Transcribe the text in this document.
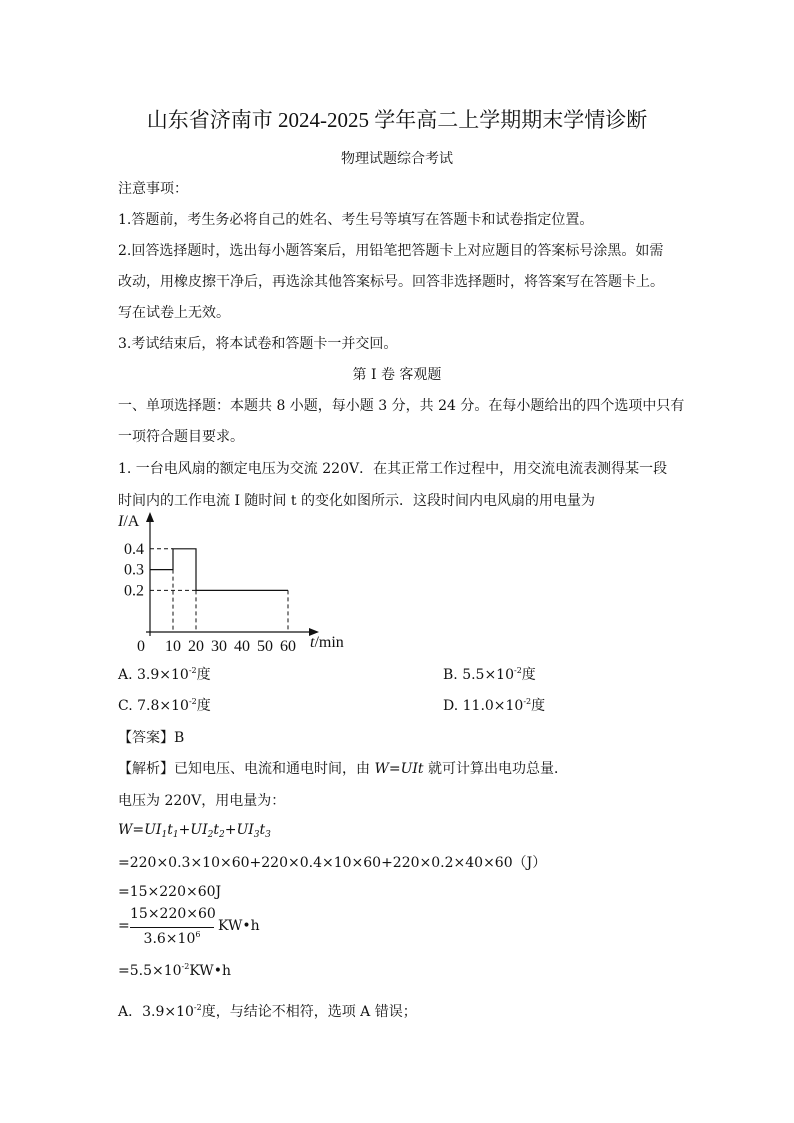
山东省济南市 2024-2025 学年高二上学期期末学情诊断
物理试题综合考试
注意事项：
1.答题前，考生务必将自己的姓名、考生号等填写在答题卡和试卷指定位置。
2.回答选择题时，选出每小题答案后，用铅笔把答题卡上对应题目的答案标号涂黑。如需
改动，用橡皮擦干净后，再选涂其他答案标号。回答非选择题时，将答案写在答题卡上。
写在试卷上无效。
3.考试结束后，将本试卷和答题卡一并交回。
第 I 卷 客观题
一、单项选择题：本题共 8 小题，每小题 3 分，共 24 分。在每小题给出的四个选项中只有
一项符合题目要求。
1. 一台电风扇的额定电压为交流 220V．在其正常工作过程中，用交流电流表测得某一段
时间内的工作电流 I 随时间 t 的变化如图所示．这段时间内电风扇的用电量为
0.2
0.3
0.4
0 10 20 30 40 50 60
I/A
t/min
A. $3.9\times 10^{-2}$度	B. $5.5\times 10^{-2}$度
C. $7.8\times 10^{-2}$度	D. $11.0\times 10^{-2}$度
【答案】B
【解析】已知电压、电流和通电时间，由 W=UIt 就可计算出电功总量．
电压为 220V，用电量为：
$W=UI_1t_1+UI_2t_2+UI_3t_3$
=220×0.3×10×60+220×0.4×10×60+220×0.2×40×60（J）
=15×220×60J
=
15×220×60
$3.6\times 10^6$
KW•h
$=5.5\times 10^{-2}KW•h$
A．$3.9\times 10^{-2}$度，与结论不相符，选项 A 错误；
